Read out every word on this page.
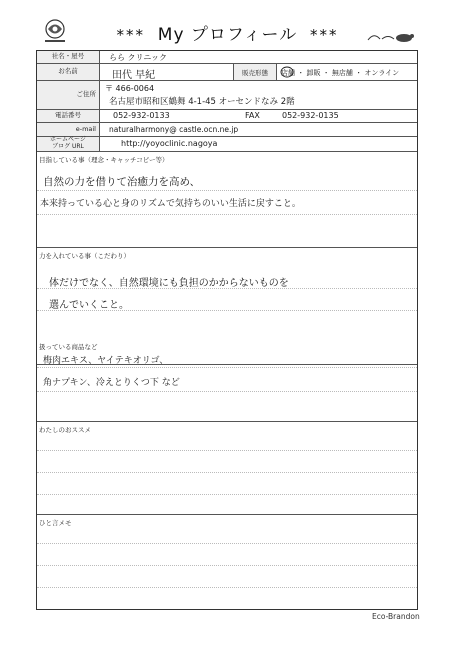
*** My プロフィール ***
社名・屋号	らら クリニック
お名前	田代 早紀	販売形態	店舗 ・ 卸販 ・ 無店舗 ・ オンライン
ご住所
〒 466-0064
名古屋市昭和区鶴舞 4-1-45 オーセンドなみ 2階
電話番号	052-932-0133	FAX	052-932-0135
e-mail	naturalharmony@ castle.ocn.ne.jp
ホームページ
ブログ URL	http://yoyoclinic.nagoya
目指している事（理念・キャッチコピー等）
自然の力を借りて治癒力を高め、
本来持っている心と身のリズムで気持ちのいい生活に戻すこと。
力を入れている事（こだわり）
体だけでなく、自然環境にも負担のかからないものを
選んでいくこと。
扱っている商品など
梅肉エキス、ヤイテキオリゴ、
角ナプキン、冷えとりくつ下 など
わたしのおススメ
ひと言メモ
Eco-Brandon
